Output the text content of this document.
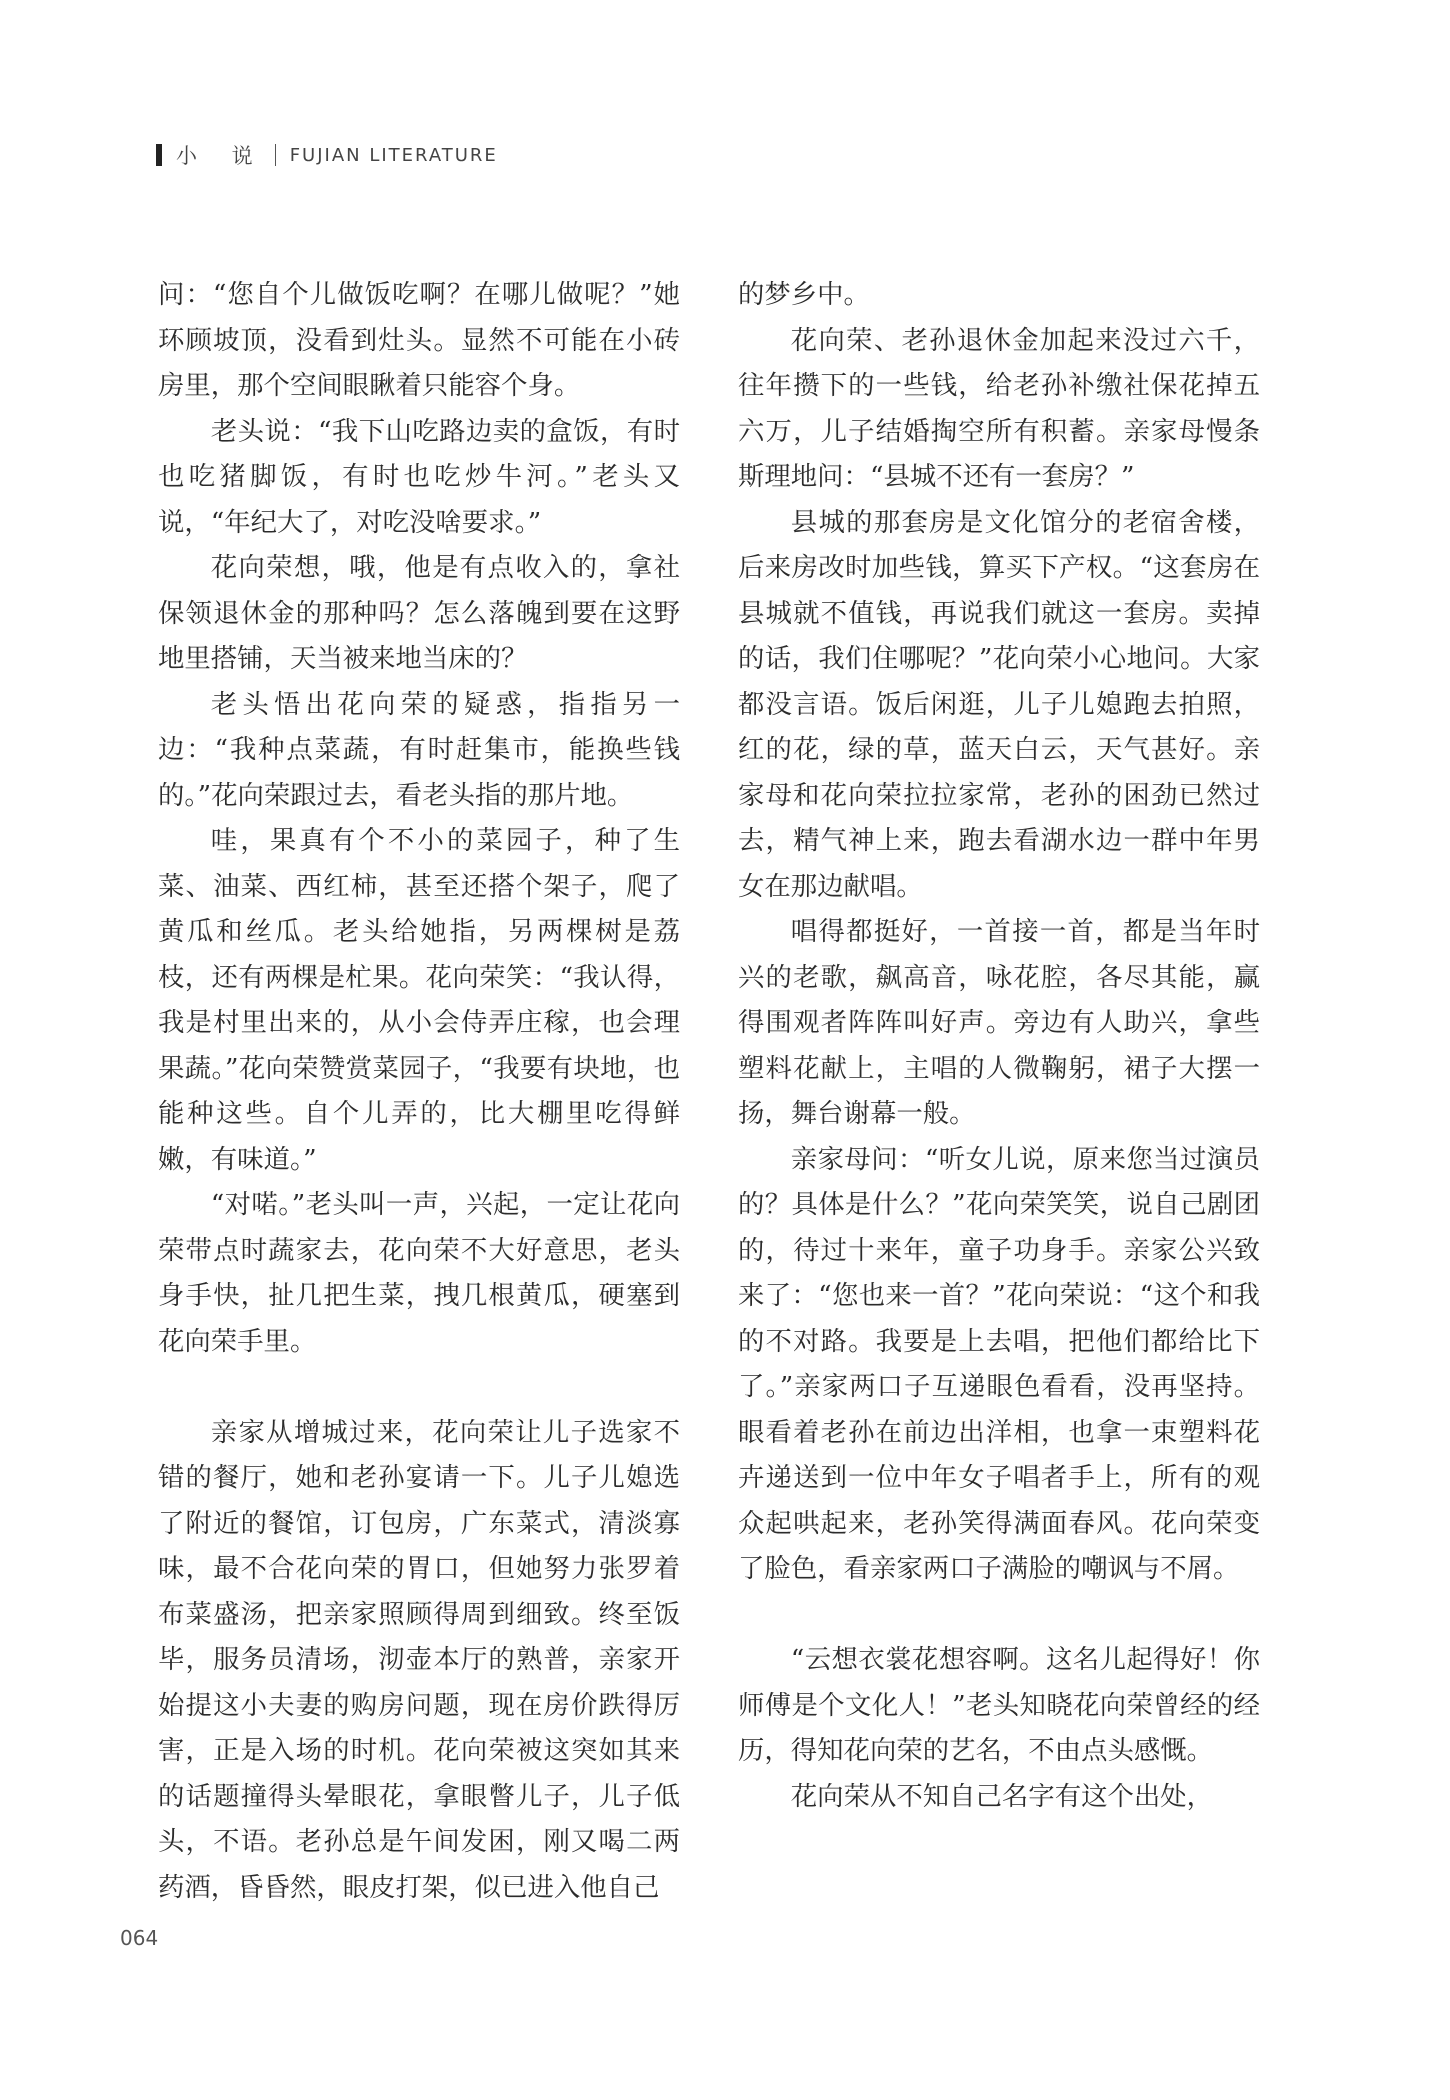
小 说 FUJIAN LITERATURE

问：“您自个儿做饭吃啊？在哪儿做呢？”她环顾坡顶，没看到灶头。显然不可能在小砖房里，那个空间眼瞅着只能容个身。

老头说：“我下山吃路边卖的盒饭，有时也吃猪脚饭，有时也吃炒牛河。”老头又说，“年纪大了，对吃没啥要求。”

花向荣想，哦，他是有点收入的，拿社保领退休金的那种吗？怎么落魄到要在这野地里搭铺，天当被来地当床的？

老头悟出花向荣的疑惑，指指另一边：“我种点菜蔬，有时赶集市，能换些钱的。”花向荣跟过去，看老头指的那片地。

哇，果真有个不小的菜园子，种了生菜、油菜、西红柿，甚至还搭个架子，爬了黄瓜和丝瓜。老头给她指，另两棵树是荔枝，还有两棵是杧果。花向荣笑：“我认得，我是村里出来的，从小会侍弄庄稼，也会理果蔬。”花向荣赞赏菜园子，“我要有块地，也能种这些。自个儿弄的，比大棚里吃得鲜嫩，有味道。”

“对喏。”老头叫一声，兴起，一定让花向荣带点时蔬家去，花向荣不大好意思，老头身手快，扯几把生菜，拽几根黄瓜，硬塞到花向荣手里。

亲家从增城过来，花向荣让儿子选家不错的餐厅，她和老孙宴请一下。儿子儿媳选了附近的餐馆，订包房，广东菜式，清淡寡味，最不合花向荣的胃口，但她努力张罗着布菜盛汤，把亲家照顾得周到细致。终至饭毕，服务员清场，沏壶本厅的熟普，亲家开始提这小夫妻的购房问题，现在房价跌得厉害，正是入场的时机。花向荣被这突如其来的话题撞得头晕眼花，拿眼瞥儿子，儿子低头，不语。老孙总是午间发困，刚又喝二两药酒，昏昏然，眼皮打架，似已进入他自己

的梦乡中。

花向荣、老孙退休金加起来没过六千，往年攒下的一些钱，给老孙补缴社保花掉五六万，儿子结婚掏空所有积蓄。亲家母慢条斯理地问：“县城不还有一套房？”

县城的那套房是文化馆分的老宿舍楼，后来房改时加些钱，算买下产权。“这套房在县城就不值钱，再说我们就这一套房。卖掉的话，我们住哪呢？”花向荣小心地问。大家都没言语。饭后闲逛，儿子儿媳跑去拍照，红的花，绿的草，蓝天白云，天气甚好。亲家母和花向荣拉拉家常，老孙的困劲已然过去，精气神上来，跑去看湖水边一群中年男女在那边献唱。

唱得都挺好，一首接一首，都是当年时兴的老歌，飙高音，咏花腔，各尽其能，赢得围观者阵阵叫好声。旁边有人助兴，拿些塑料花献上，主唱的人微鞠躬，裙子大摆一扬，舞台谢幕一般。

亲家母问：“听女儿说，原来您当过演员的？具体是什么？”花向荣笑笑，说自己剧团的，待过十来年，童子功身手。亲家公兴致来了：“您也来一首？”花向荣说：“这个和我的不对路。我要是上去唱，把他们都给比下了。”亲家两口子互递眼色看看，没再坚持。眼看着老孙在前边出洋相，也拿一束塑料花卉递送到一位中年女子唱者手上，所有的观众起哄起来，老孙笑得满面春风。花向荣变了脸色，看亲家两口子满脸的嘲讽与不屑。

“云想衣裳花想容啊。这名儿起得好！你师傅是个文化人！”老头知晓花向荣曾经的经历，得知花向荣的艺名，不由点头感慨。

花向荣从不知自己名字有这个出处，

064
